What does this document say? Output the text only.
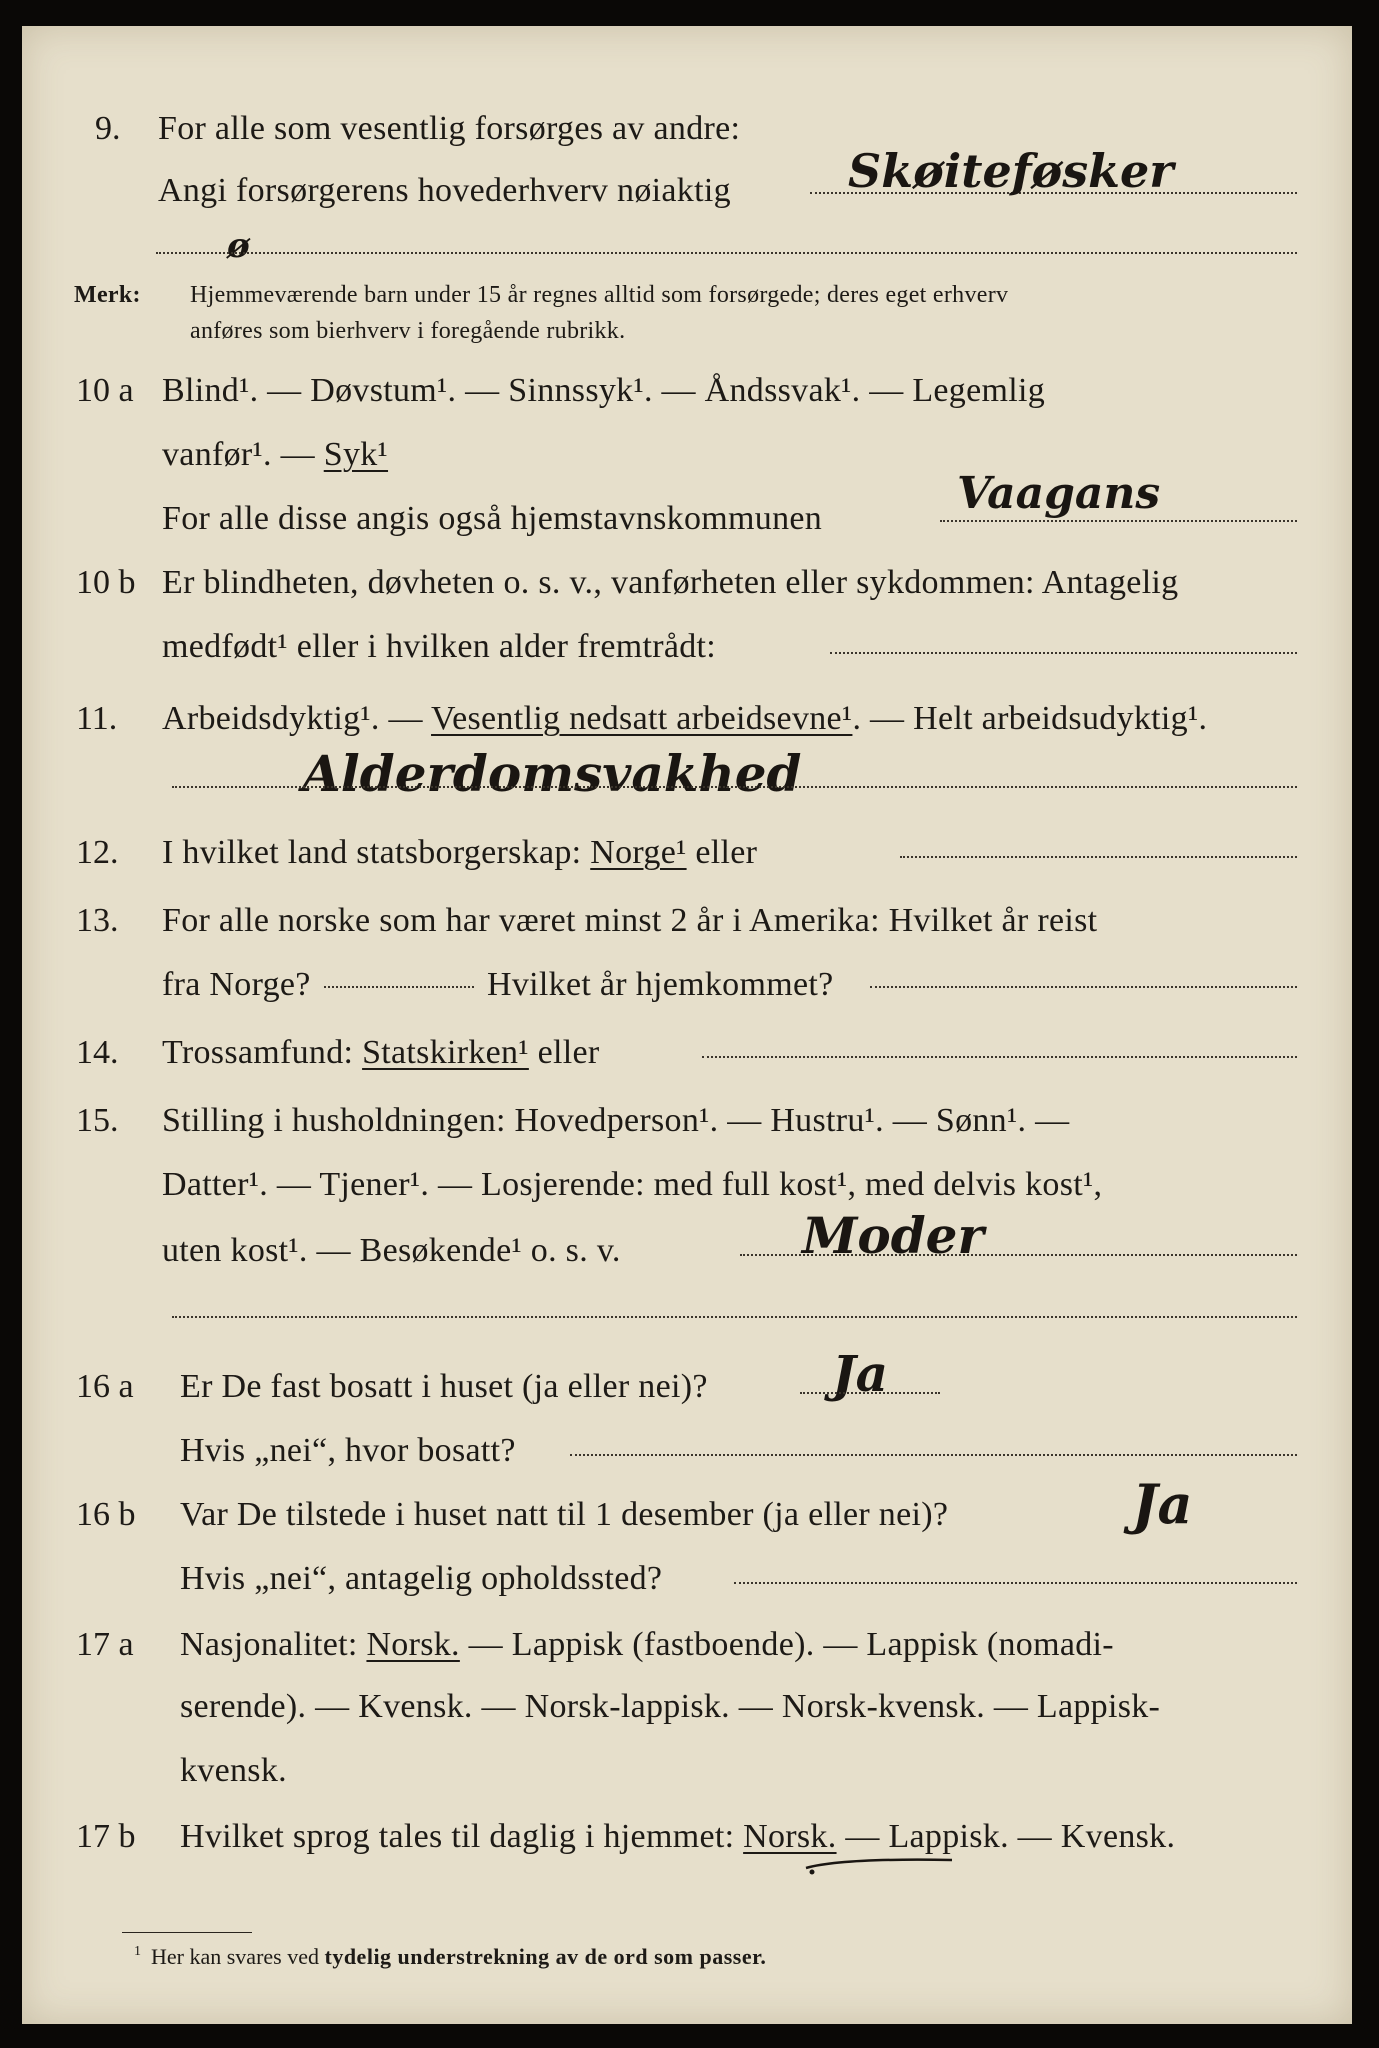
9. For alle som vesentlig forsørges av andre:
Angi forsørgerens hovederhverv nøiaktig	Skøiteføsker
ø
Merk: Hjemmeværende barn under 15 år regnes alltid som forsørgede; deres eget erhverv
anføres som bierhverv i foregående rubrikk.
10 a Blind¹. — Døvstum¹. — Sinnssyk¹. — Åndssvak¹. — Legemlig
vanfør¹. — Syk¹
For alle disse angis også hjemstavnskommunen	Vaagans
10 b Er blindheten, døvheten o. s. v., vanførheten eller sykdommen: Antagelig
medfødt¹ eller i hvilken alder fremtrådt:
11. Arbeidsdyktig¹. — Vesentlig nedsatt arbeidsevne¹. — Helt arbeidsudyktig¹.
Alderdomsvakhed
12. I hvilket land statsborgerskap: Norge¹ eller
13. For alle norske som har været minst 2 år i Amerika: Hvilket år reist
fra Norge?	Hvilket år hjemkommet?
14. Trossamfund: Statskirken¹ eller
15. Stilling i husholdningen: Hovedperson¹. — Hustru¹. — Sønn¹. —
Datter¹. — Tjener¹. — Losjerende: med full kost¹, med delvis kost¹,
uten kost¹. — Besøkende¹ o. s. v.	Moder
16 a Er De fast bosatt i huset (ja eller nei)? Ja
Hvis „nei“, hvor bosatt?
16 b Var De tilstede i huset natt til 1 desember (ja eller nei)?	Ja
Hvis „nei“, antagelig opholdssted?
17 a Nasjonalitet: Norsk. — Lappisk (fastboende). — Lappisk (nomadi-
serende). — Kvensk. — Norsk-lappisk. — Norsk-kvensk. — Lappisk-
kvensk.
17 b Hvilket sprog tales til daglig i hjemmet: Norsk. — Lappisk. — Kvensk.
$^1$ Her kan svares ved tydelig understrekning av de ord som passer.
